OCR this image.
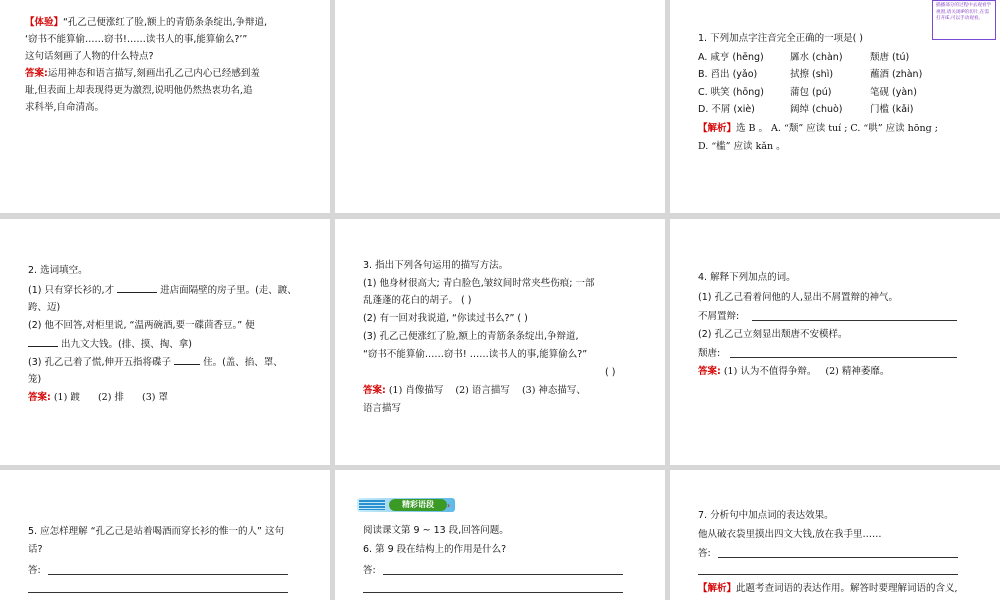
【体验】“孔乙己便涨红了脸,额上的青筋条条绽出,争辩道,
‘窃书不能算偷……窃书!……读书人的事,能算偷么?’”
这句话刻画了人物的什么特点?
答案:运用神态和语言描写,刻画出孔乙己内心已经感到羞
耻,但表面上却表现得更为激烈,说明他仍然热衷功名,追
求科举,自命清高。
插播部分的过程中去观看学视窗,请关闭IP的切片,在需打开IE,可以手动观看。
1. 下列加点字注音完全正确的一项是( )
A. 咸亨 (hēng)	羼水 (chàn)	颓唐 (tú)
B. 舀出 (yǎo)	拭擦 (shì)	蘸酒 (zhàn)
C. 哄笑 (hōng)	蒲包 (pú)	笔砚 (yàn)
D. 不屑 (xiè)	阔绰 (chuò)	门槛 (kǎi)
【解析】选 B 。 A. “颓” 应读 tuí ; C. “哄” 应读 hōng ;
D. “槛” 应读 kǎn 。
2. 选词填空。
(1) 只有穿长衫的,才	进店面隔壁的房子里。(走、踱、
跨、迈)
(2) 他不回答,对柜里说, “温两碗酒,要一碟茴香豆。” 便
出九文大钱。(排、摸、掏、拿)
(3) 孔乙己着了慌,伸开五指将碟子	住。(盖、掐、罩、
笼)
答案: (1) 踱      (2) 排      (3) 罩
3. 指出下列各句运用的描写方法。
(1) 他身材很高大; 青白脸色,皱纹间时常夹些伤痕; 一部
乱蓬蓬的花白的胡子。 ( )
(2) 有一回对我说道, “你读过书么?” ( )
(3) 孔乙己便涨红了脸,额上的青筋条条绽出,争辩道,
“窃书不能算偷……窃书! ……读书人的事,能算偷么?”
( )
答案: (1) 肖像描写    (2) 语言描写    (3) 神态描写、
语言描写
4. 解释下列加点的词。
(1) 孔乙己看着问他的人,显出不屑置辩的神气。
不屑置辩:
(2) 孔乙己立刻显出颓唐不安模样。
颓唐:
答案: (1) 认为不值得争辩。   (2) 精神萎靡。
5. 应怎样理解 “孔乙己是站着喝酒而穿长衫的惟一的人” 这句
话?
答:
精彩语段	›
阅读课文第 9 ~ 13 段,回答问题。
6. 第 9 段在结构上的作用是什么?
答:
7. 分析句中加点词的表达效果。
他从破衣袋里摸出四文大钱,放在我手里……
答:
【解析】此题考查词语的表达作用。解答时要理解词语的含义,
